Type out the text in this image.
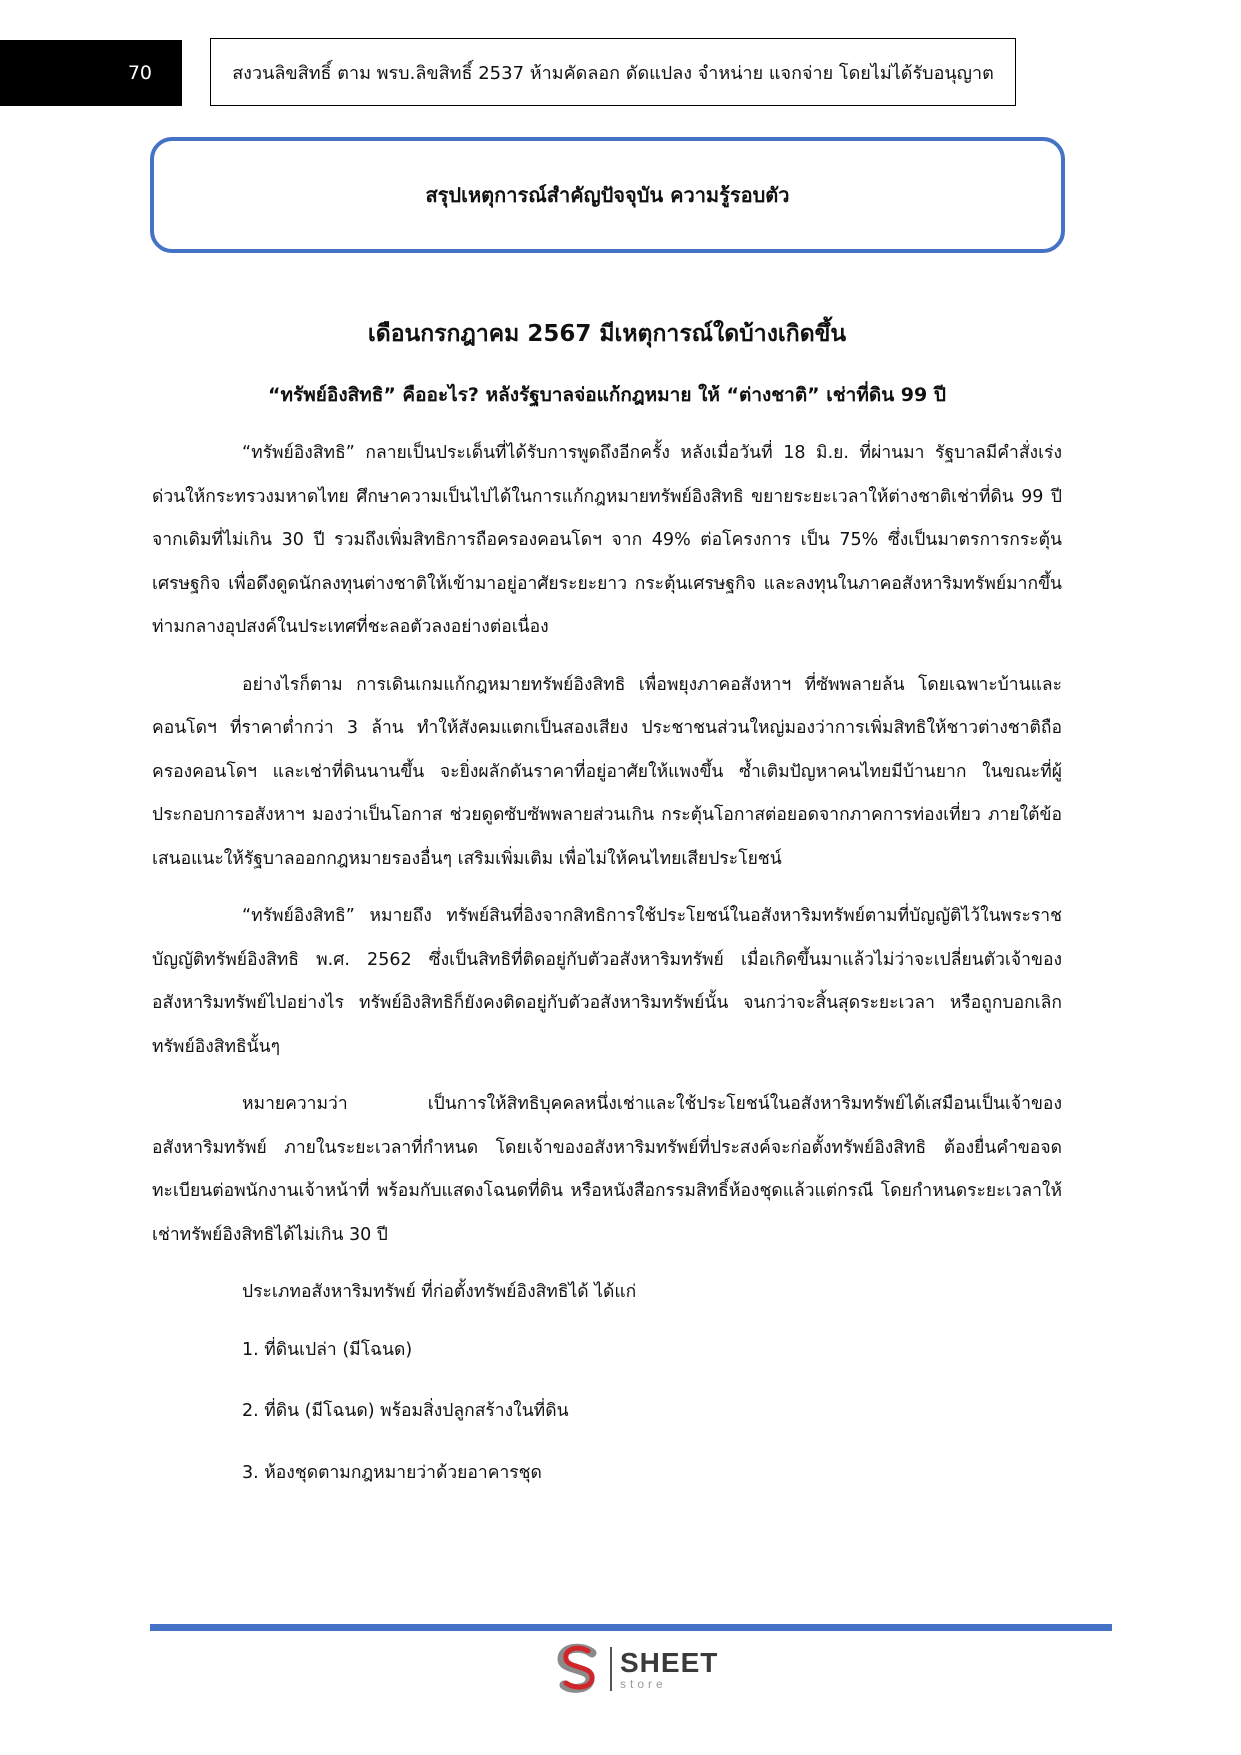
70	สงวนลิขสิทธิ์ ตาม พรบ.ลิขสิทธิ์ 2537 ห้ามคัดลอก ดัดแปลง จำหน่าย แจกจ่าย โดยไม่ได้รับอนุญาต
สรุปเหตุการณ์สำคัญปัจจุบัน ความรู้รอบตัว
เดือนกรกฎาคม 2567 มีเหตุการณ์ใดบ้างเกิดขึ้น
“ทรัพย์อิงสิทธิ” คืออะไร? หลังรัฐบาลจ่อแก้กฎหมาย ให้ “ต่างชาติ” เช่าที่ดิน 99 ปี

“ทรัพย์อิงสิทธิ” กลายเป็นประเด็นที่ได้รับการพูดถึงอีกครั้ง หลังเมื่อวันที่ 18 มิ.ย. ที่ผ่านมา รัฐบาลมีคำสั่งเร่งด่วนให้กระทรวงมหาดไทย ศึกษาความเป็นไปได้ในการแก้กฎหมายทรัพย์อิงสิทธิ ขยายระยะเวลาให้ต่างชาติเช่าที่ดิน 99 ปี จากเดิมที่ไม่เกิน 30 ปี รวมถึงเพิ่มสิทธิการถือครองคอนโดฯ จาก 49% ต่อโครงการ เป็น 75% ซึ่งเป็นมาตรการกระตุ้นเศรษฐกิจ เพื่อดึงดูดนักลงทุนต่างชาติให้เข้ามาอยู่อาศัยระยะยาว กระตุ้นเศรษฐกิจ และลงทุนในภาคอสังหาริมทรัพย์มากขึ้น ท่ามกลางอุปสงค์ในประเทศที่ชะลอตัวลงอย่างต่อเนื่อง

อย่างไรก็ตาม การเดินเกมแก้กฎหมายทรัพย์อิงสิทธิ เพื่อพยุงภาคอสังหาฯ ที่ซัพพลายล้น โดยเฉพาะบ้านและคอนโดฯ ที่ราคาต่ำกว่า 3 ล้าน ทำให้สังคมแตกเป็นสองเสียง ประชาชนส่วนใหญ่มองว่าการเพิ่มสิทธิให้ชาวต่างชาติถือครองคอนโดฯ และเช่าที่ดินนานขึ้น จะยิ่งผลักดันราคาที่อยู่อาศัยให้แพงขึ้น ซ้ำเติมปัญหาคนไทยมีบ้านยาก ในขณะที่ผู้ประกอบการอสังหาฯ มองว่าเป็นโอกาส ช่วยดูดซับซัพพลายส่วนเกิน กระตุ้นโอกาสต่อยอดจากภาคการท่องเที่ยว ภายใต้ข้อเสนอแนะให้รัฐบาลออกกฎหมายรองอื่นๆ เสริมเพิ่มเติม เพื่อไม่ให้คนไทยเสียประโยชน์

“ทรัพย์อิงสิทธิ” หมายถึง ทรัพย์สินที่อิงจากสิทธิการใช้ประโยชน์ในอสังหาริมทรัพย์ตามที่บัญญัติไว้ในพระราชบัญญัติทรัพย์อิงสิทธิ พ.ศ. 2562 ซึ่งเป็นสิทธิที่ติดอยู่กับตัวอสังหาริมทรัพย์ เมื่อเกิดขึ้นมาแล้วไม่ว่าจะเปลี่ยนตัวเจ้าของอสังหาริมทรัพย์ไปอย่างไร ทรัพย์อิงสิทธิก็ยังคงติดอยู่กับตัวอสังหาริมทรัพย์นั้น จนกว่าจะสิ้นสุดระยะเวลา หรือถูกบอกเลิกทรัพย์อิงสิทธินั้นๆ

หมายความว่า เป็นการให้สิทธิบุคคลหนึ่งเช่าและใช้ประโยชน์ในอสังหาริมทรัพย์ได้เสมือนเป็นเจ้าของอสังหาริมทรัพย์ ภายในระยะเวลาที่กำหนด โดยเจ้าของอสังหาริมทรัพย์ที่ประสงค์จะก่อตั้งทรัพย์อิงสิทธิ ต้องยื่นคำขอจดทะเบียนต่อพนักงานเจ้าหน้าที่ พร้อมกับแสดงโฉนดที่ดิน หรือหนังสือกรรมสิทธิ์ห้องชุดแล้วแต่กรณี โดยกำหนดระยะเวลาให้เช่าทรัพย์อิงสิทธิได้ไม่เกิน 30 ปี

ประเภทอสังหาริมทรัพย์ ที่ก่อตั้งทรัพย์อิงสิทธิได้ ได้แก่

1. ที่ดินเปล่า (มีโฉนด)
2. ที่ดิน (มีโฉนด) พร้อมสิ่งปลูกสร้างในที่ดิน
3. ห้องชุดตามกฎหมายว่าด้วยอาคารชุด
SHEET
store
